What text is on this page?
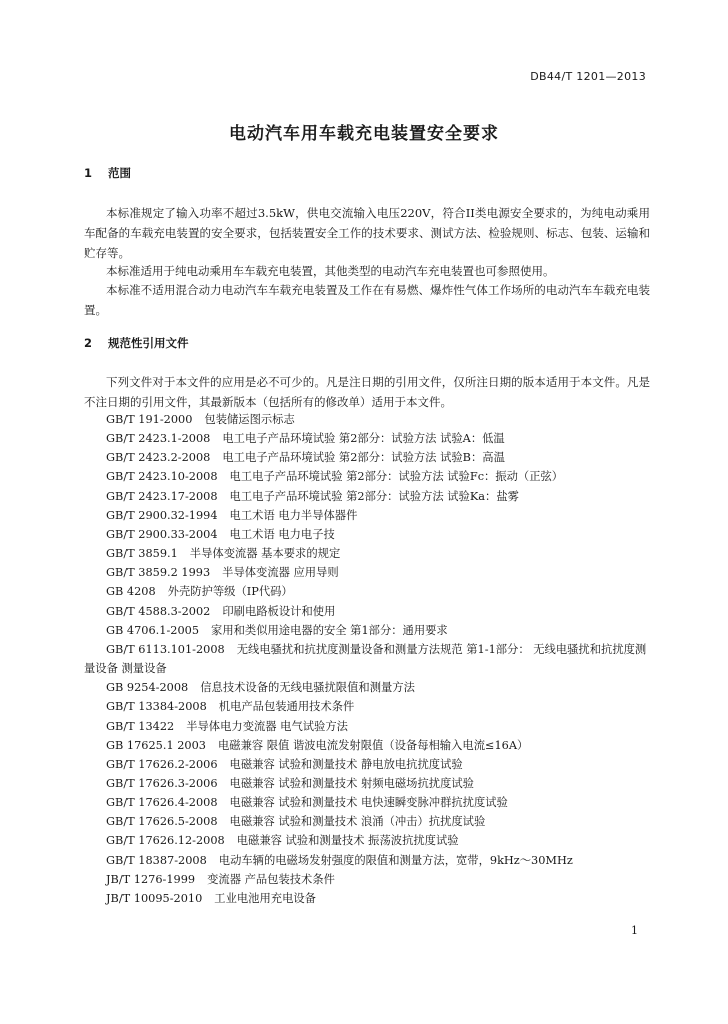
DB44/T 1201—2013
电动汽车用车载充电装置安全要求
1 范围
本标准规定了输入功率不超过3.5kW，供电交流输入电压220V，符合II类电源安全要求的，为纯电动乘用车配备的车载充电装置的安全要求，包括装置安全工作的技术要求、测试方法、检验规则、标志、包装、运输和贮存等。
本标准适用于纯电动乘用车车载充电装置，其他类型的电动汽车充电装置也可参照使用。
本标准不适用混合动力电动汽车车载充电装置及工作在有易燃、爆炸性气体工作场所的电动汽车车载充电装置。
2 规范性引用文件
下列文件对于本文件的应用是必不可少的。凡是注日期的引用文件，仅所注日期的版本适用于本文件。凡是不注日期的引用文件，其最新版本（包括所有的修改单）适用于本文件。
GB/T 191-2000 包装储运图示标志
GB/T 2423.1-2008 电工电子产品环境试验 第2部分：试验方法 试验A：低温
GB/T 2423.2-2008 电工电子产品环境试验 第2部分：试验方法 试验B：高温
GB/T 2423.10-2008 电工电子产品环境试验 第2部分：试验方法 试验Fc：振动（正弦）
GB/T 2423.17-2008 电工电子产品环境试验 第2部分：试验方法 试验Ka：盐雾
GB/T 2900.32-1994 电工术语 电力半导体器件
GB/T 2900.33-2004 电工术语 电力电子技
GB/T 3859.1 半导体变流器 基本要求的规定
GB/T 3859.2 1993 半导体变流器 应用导则
GB 4208 外壳防护等级（IP代码）
GB/T 4588.3-2002 印刷电路板设计和使用
GB 4706.1-2005 家用和类似用途电器的安全 第1部分：通用要求
GB/T 6113.101-2008 无线电骚扰和抗扰度测量设备和测量方法规范 第1-1部分： 无线电骚扰和抗扰度测量设备 测量设备
GB 9254-2008 信息技术设备的无线电骚扰限值和测量方法
GB/T 13384-2008 机电产品包装通用技术条件
GB/T 13422 半导体电力变流器 电气试验方法
GB 17625.1 2003 电磁兼容 限值 谐波电流发射限值（设备每相输入电流≤16A）
GB/T 17626.2-2006 电磁兼容 试验和测量技术 静电放电抗扰度试验
GB/T 17626.3-2006 电磁兼容 试验和测量技术 射频电磁场抗扰度试验
GB/T 17626.4-2008 电磁兼容 试验和测量技术 电快速瞬变脉冲群抗扰度试验
GB/T 17626.5-2008 电磁兼容 试验和测量技术 浪涌（冲击）抗扰度试验
GB/T 17626.12-2008 电磁兼容 试验和测量技术 振荡波抗扰度试验
GB/T 18387-2008 电动车辆的电磁场发射强度的限值和测量方法，宽带，9kHz～30MHz
JB/T 1276-1999 变流器 产品包装技术条件
JB/T 10095-2010 工业电池用充电设备
1
